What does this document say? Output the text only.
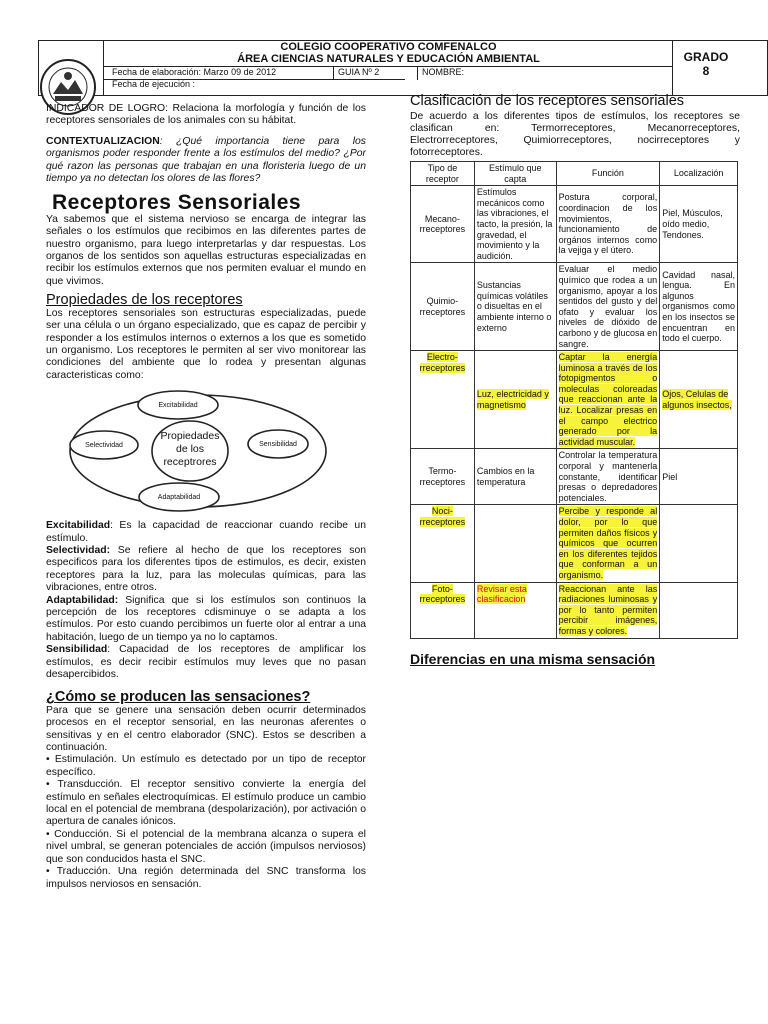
COLEGIO COOPERATIVO COMFENALCO
ÁREA CIENCIAS NATURALES Y EDUCACIÓN AMBIENTAL
Fecha de elaboración: Marzo 09 de 2012
Fecha de ejecución :
GUIA Nº 2	NOMBRE:
GRADO
8

INDICADOR DE LOGRO: Relaciona la morfología y función de los receptores sensoriales de los animales con su hábitat.

CONTEXTUALIZACION: ¿Qué importancia tiene para los organismos poder responder frente a los estímulos del medio? ¿Por qué razon las personas que trabajan en una floristeria luego de un tiempo ya no detectan los olores de las flores?

Receptores Sensoriales

Ya sabemos que el sistema nervioso se encarga de integrar las señales o los estímulos que recibimos en las diferentes partes de nuestro organismo, para luego interpretarlas y dar respuestas. Los organos de los sentidos son aquellas estructuras especializadas en recibir los estímulos externos que nos permiten evaluar el mundo en que vivimos.

Propiedades de los receptores

Los receptores sensoriales son estructuras especializadas, puede ser una célula o un órgano especializado, que es capaz de percibir y responder a los estímulos internos o externos a los que es sometido un organismo. Los receptores le permiten al ser vivo monitorear las condiciones del ambiente que lo rodea y presentan algunas caracteristicas como:

Excitabilidad
Selectividad	Sensibilidad
Adaptabilidad
Propiedades de los receptrores

Excitabilidad: Es la capacidad de reaccionar cuando recibe un estímulo.

Selectividad: Se refiere al hecho de que los receptores son especificos para los diferentes tipos de estimulos, es decir, existen receptores para la luz, para las moleculas químicas, para las vibraciones, entre otros.

Adaptabilidad: Significa que si los estímulos son continuos la percepción de los receptores cdisminuye o se adapta a los estímulos. Por esto cuando percibimos un fuerte olor al entrar a una habitación, luego de un tiempo ya no lo captamos.

Sensibilidad: Capacidad de los receptores de amplificar los estímulos, es decir recibir estímulos muy leves que no pasan desapercibidos.

¿Cómo se producen las sensaciones?

Para que se genere una sensación deben ocurrir determinados procesos en el receptor sensorial, en las neuronas aferentes o sensitivas y en el centro elaborador (SNC). Estos se describen a continuación.

• Estimulación. Un estímulo es detectado por un tipo de receptor específico.

• Transducción. El receptor sensitivo convierte la energía del estímulo en señales electroquímicas. El estímulo produce un cambio local en el potencial de membrana (despolarización), por activación o apertura de canales iónicos.

• Conducción. Si el potencial de la membrana alcanza o supera el nivel umbral, se generan potenciales de acción (impulsos nerviosos) que son conducidos hasta el SNC.

• Traducción. Una región determinada del SNC transforma los impulsos nerviosos en sensación.

Clasificación de los receptores sensoriales

De acuerdo a los diferentes tipos de estímulos, los receptores se clasifican en: Termorreceptores, Mecanorreceptores, Electrorreceptores, Quimiorreceptores, nocirreceptores y fotorreceptores.

Tipo de receptor	Estímulo que capta	Función	Localización
Mecano-rreceptores	Estímulos mecánicos como las vibraciones, el tacto, la presión, la gravedad, el movimiento y la audición.	Postura corporal, coordinacion de los movimientos, funcionamiento de orgános internos como la vejiga y el útero.	Piel, Músculos, oído medio, Tendones.
Quimio-rreceptores	Sustancias químicas volátiles o disueltas en el ambiente interno o externo	Evaluar el medio químico que rodea a un organismo, apoyar a los sentidos del gusto y del ofato y evaluar los niveles de dióxido de carbono y de glucosa en sangre.	Cavidad nasal, lengua. En algunos organismos como en los insectos se encuentran en todo el cuerpo.
Electro-rreceptores	Luz, electricidad y magnetismo	Captar la energía luminosa a través de los fotopigmentos o moleculas coloreadas que reaccionan ante la luz. Localizar presas en el campo electrico generado por la actividad muscular.	Ojos, Celulas de algunos insectos,
Termo-rreceptores	Cambios en la temperatura	Controlar la temperatura corporal y mantenerla constante, identificar presas o depredadores potenciales.	Piel
Noci-rreceptores		Percibe y responde al dolor, por lo que permiten daños físicos y químicos que ocurren en los diferentes tejidos que conforman a un organismo.	
Foto-rreceptores	Revisar esta clasificacion	Reaccionan ante las radiaciones luminosas y por lo tanto permiten percibir imágenes, formas y colores.	
Diferencias en una misma sensación
